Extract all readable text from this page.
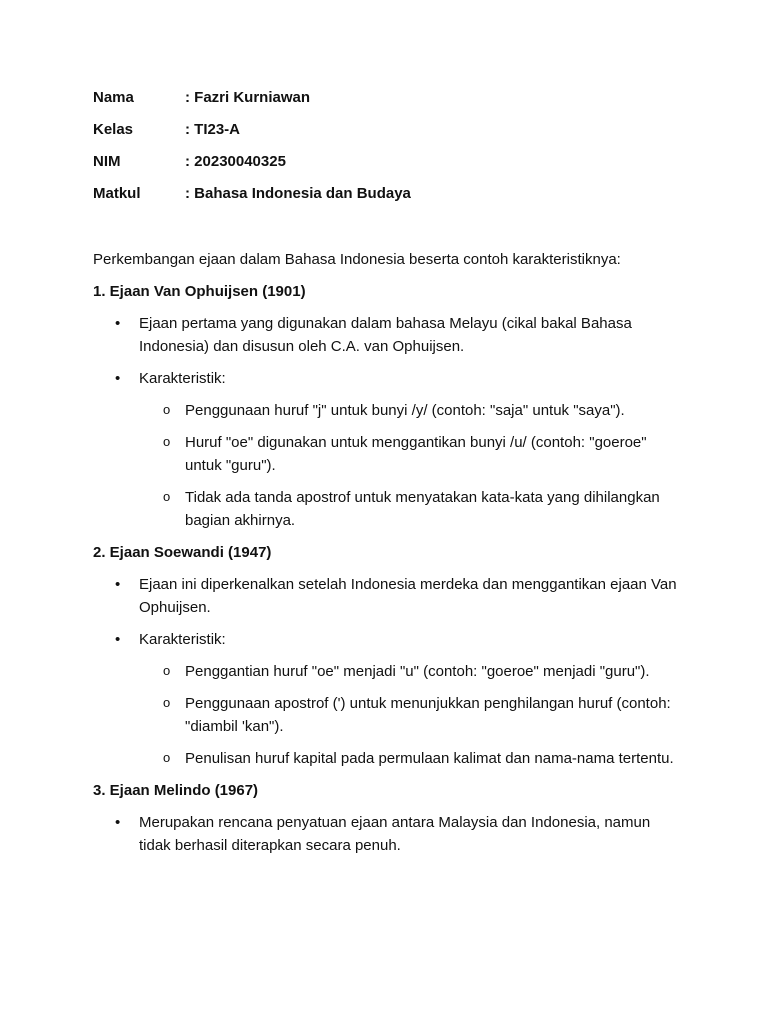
Nama	: Fazri Kurniawan
Kelas	: TI23-A
NIM	: 20230040325
Matkul	: Bahasa Indonesia dan Budaya

Perkembangan ejaan dalam Bahasa Indonesia beserta contoh karakteristiknya:

1. Ejaan Van Ophuijsen (1901)

• Ejaan pertama yang digunakan dalam bahasa Melayu (cikal bakal Bahasa Indonesia) dan disusun oleh C.A. van Ophuijsen.
• Karakteristik:
o Penggunaan huruf "j" untuk bunyi /y/ (contoh: "saja" untuk "saya").
o Huruf "oe" digunakan untuk menggantikan bunyi /u/ (contoh: "goeroe" untuk "guru").
o Tidak ada tanda apostrof untuk menyatakan kata-kata yang dihilangkan bagian akhirnya.

2. Ejaan Soewandi (1947)

• Ejaan ini diperkenalkan setelah Indonesia merdeka dan menggantikan ejaan Van Ophuijsen.
• Karakteristik:
o Penggantian huruf "oe" menjadi "u" (contoh: "goeroe" menjadi "guru").
o Penggunaan apostrof (') untuk menunjukkan penghilangan huruf (contoh: "diambil 'kan").
o Penulisan huruf kapital pada permulaan kalimat dan nama-nama tertentu.

3. Ejaan Melindo (1967)

• Merupakan rencana penyatuan ejaan antara Malaysia dan Indonesia, namun tidak berhasil diterapkan secara penuh.
